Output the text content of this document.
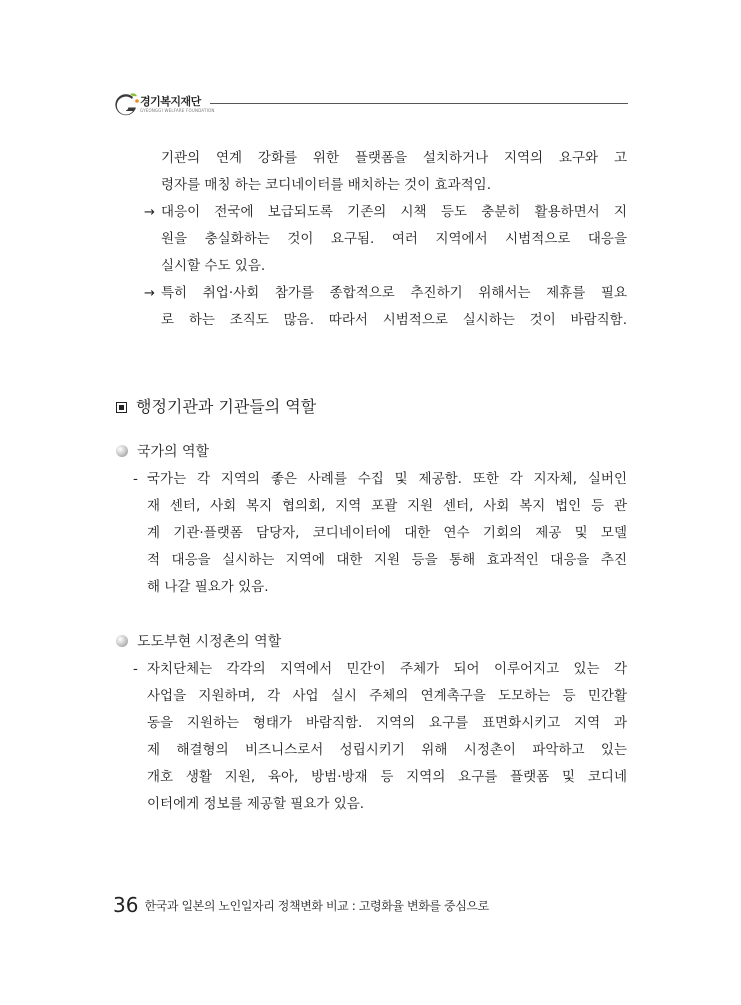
경기복지재단
GYEONGGI WELFARE FOUNDATION
기관의 연계 강화를 위한 플랫폼을 설치하거나 지역의 요구와 고
령자를 매칭 하는 코디네이터를 배치하는 것이 효과적임.
→ 대응이 전국에 보급되도록 기존의 시책 등도 충분히 활용하면서 지
원을 충실화하는 것이 요구됨. 여러 지역에서 시범적으로 대응을
실시할 수도 있음.
→ 특히 취업·사회 참가를 종합적으로 추진하기 위해서는 제휴를 필요
로 하는 조직도 많음. 따라서 시범적으로 실시하는 것이 바람직함.
행정기관과 기관들의 역할
국가의 역할
- 국가는 각 지역의 좋은 사례를 수집 및 제공함. 또한 각 지자체, 실버인
재 센터, 사회 복지 협의회, 지역 포괄 지원 센터, 사회 복지 법인 등 관
계 기관·플랫폼 담당자, 코디네이터에 대한 연수 기회의 제공 및 모델
적 대응을 실시하는 지역에 대한 지원 등을 통해 효과적인 대응을 추진
해 나갈 필요가 있음.
도도부현 시정촌의 역할
- 자치단체는 각각의 지역에서 민간이 주체가 되어 이루어지고 있는 각
사업을 지원하며, 각 사업 실시 주체의 연계촉구을 도모하는 등 민간활
동을 지원하는 형태가 바람직함. 지역의 요구를 표면화시키고 지역 과
제 해결형의 비즈니스로서 성립시키기 위해 시정촌이 파악하고 있는
개호 생활 지원, 육아, 방범·방재 등 지역의 요구를 플랫폼 및 코디네
이터에게 정보를 제공할 필요가 있음.
36 한국과 일본의 노인일자리 정책변화 비교 : 고령화율 변화를 중심으로
